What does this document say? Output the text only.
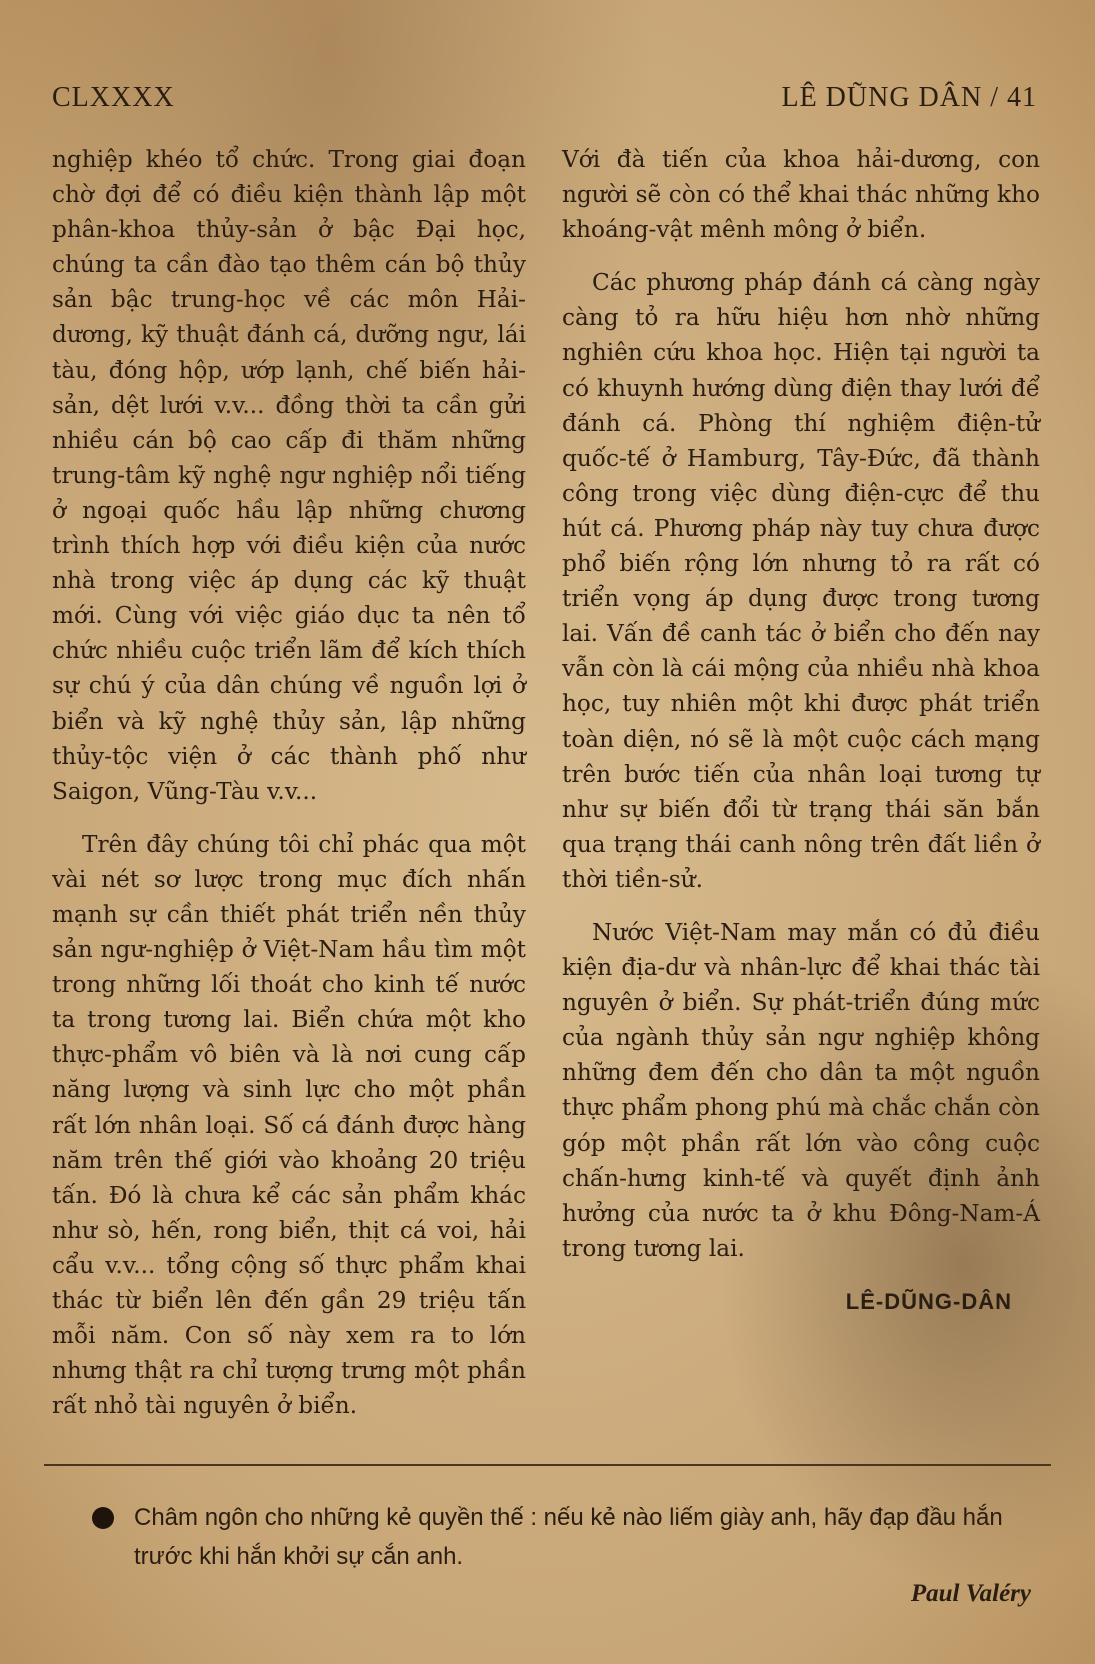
CLXXXX	LÊ DŨNG DÂN / 41

nghiệp khéo tổ chức. Trong giai đoạn chờ đợi để có điều kiện thành lập một phân-khoa thủy-sản ở bậc Đại học, chúng ta cần đào tạo thêm cán bộ thủy sản bậc trung-học về các môn Hải-dương, kỹ thuật đánh cá, dưỡng ngư, lái tàu, đóng hộp, ướp lạnh, chế biến hải-sản, dệt lưới v.v... đồng thời ta cần gửi nhiều cán bộ cao cấp đi thăm những trung-tâm kỹ nghệ ngư nghiệp nổi tiếng ở ngoại quốc hầu lập những chương trình thích hợp với điều kiện của nước nhà trong việc áp dụng các kỹ thuật mới. Cùng với việc giáo dục ta nên tổ chức nhiều cuộc triển lãm để kích thích sự chú ý của dân chúng về nguồn lợi ở biển và kỹ nghệ thủy sản, lập những thủy-tộc viện ở các thành phố như Saigon, Vũng-Tàu v.v...

Trên đây chúng tôi chỉ phác qua một vài nét sơ lược trong mục đích nhấn mạnh sự cần thiết phát triển nền thủy sản ngư-nghiệp ở Việt-Nam hầu tìm một trong những lối thoát cho kinh tế nước ta trong tương lai. Biển chứa một kho thực-phẩm vô biên và là nơi cung cấp năng lượng và sinh lực cho một phần rất lớn nhân loại. Số cá đánh được hàng năm trên thế giới vào khoảng 20 triệu tấn. Đó là chưa kể các sản phẩm khác như sò, hến, rong biển, thịt cá voi, hải cẩu v.v... tổng cộng số thực phẩm khai thác từ biển lên đến gần 29 triệu tấn mỗi năm. Con số này xem ra to lớn nhưng thật ra chỉ tượng trưng một phần rất nhỏ tài nguyên ở biển.

Với đà tiến của khoa hải-dương, con người sẽ còn có thể khai thác những kho khoáng-vật mênh mông ở biển.

Các phương pháp đánh cá càng ngày càng tỏ ra hữu hiệu hơn nhờ những nghiên cứu khoa học. Hiện tại người ta có khuynh hướng dùng điện thay lưới để đánh cá. Phòng thí nghiệm điện-tử quốc-tế ở Hamburg, Tây-Đức, đã thành công trong việc dùng điện-cực để thu hút cá. Phương pháp này tuy chưa được phổ biến rộng lớn nhưng tỏ ra rất có triển vọng áp dụng được trong tương lai. Vấn đề canh tác ở biển cho đến nay vẫn còn là cái mộng của nhiều nhà khoa học, tuy nhiên một khi được phát triển toàn diện, nó sẽ là một cuộc cách mạng trên bước tiến của nhân loại tương tự như sự biến đổi từ trạng thái săn bắn qua trạng thái canh nông trên đất liền ở thời tiền-sử.

Nước Việt-Nam may mắn có đủ điều kiện địa-dư và nhân-lực để khai thác tài nguyên ở biển. Sự phát-triển đúng mức của ngành thủy sản ngư nghiệp không những đem đến cho dân ta một nguồn thực phẩm phong phú mà chắc chắn còn góp một phần rất lớn vào công cuộc chấn-hưng kinh-tế và quyết định ảnh hưởng của nước ta ở khu Đông-Nam-Á trong tương lai.

LÊ-DŨNG-DÂN
Châm ngôn cho những kẻ quyền thế : nếu kẻ nào liếm giày anh, hãy đạp đầu hắn trước khi hắn khởi sự cắn anh.
Paul Valéry
